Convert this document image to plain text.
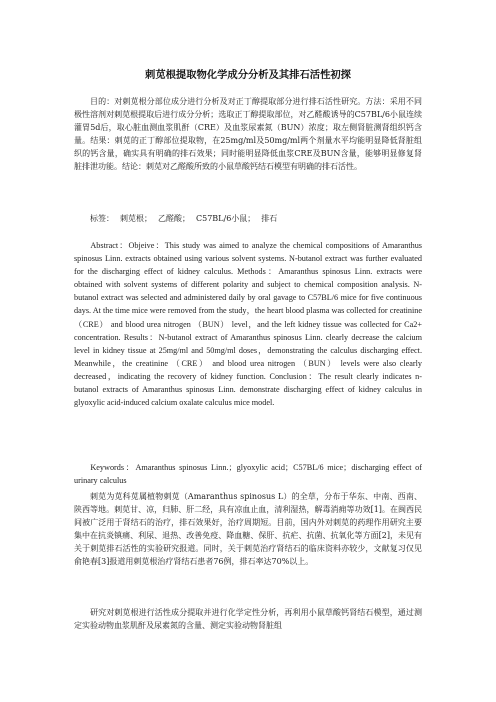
刺苋根提取物化学成分分析及其排石活性初探

目的：对刺苋根分部位成分进行分析及对正丁醇提取部分进行排石活性研究。方法：采用不同极性溶剂对刺苋根提取后进行成分分析；选取正丁醇提取部位，对乙醛酸诱导的C57BL/6小鼠连续灌胃5d后，取心脏血测血浆肌酐（CRE）及血浆尿素氮（BUN）浓度；取左侧肾脏测肾组织钙含量。结果：刺苋的正丁醇部位提取物，在25mg/ml及50mg/ml两个剂量水平均能明显降低肾脏组织的钙含量，确实具有明确的排石效果；同时能明显降低血浆CRE及BUN含量，能够明显修复肾脏排泄功能。结论：刺苋对乙醛酸所致的小鼠草酸钙结石模型有明确的排石活性。

标签： 刺苋根； 乙醛酸； C57BL/6小鼠； 排石

Abstract：Objeive：This study was aimed to analyze the chemical compositions of Amaranthus spinosus Linn. extracts obtained using various solvent systems. N-butanol extract was further evaluated for the discharging effect of kidney calculus. Methods：Amaranthus spinosus Linn. extracts were obtained with solvent systems of different polarity and subject to chemical composition analysis. N-butanol extract was selected and administered daily by oral gavage to C57BL/6 mice for five continuous days. At the time mice were removed from the study，the heart blood plasma was collected for creatinine （CRE） and blood urea nitrogen （BUN） level，and the left kidney tissue was collected for Ca2+ concentration. Results：N-butanol extract of Amaranthus spinosus Linn. clearly decrease the calcium level in kidney tissue at 25mg/ml and 50mg/ml doses，demonstrating the calculus discharging effect. Meanwhile，the creatinine （CRE） and blood urea nitrogen （BUN） levels were also clearly decreased，indicating the recovery of kidney function. Conclusion：The result clearly indicates n-butanol extracts of Amaranthus spinosus Linn. demonstrate discharging effect of kidney calculus in glyoxylic acid-induced calcium oxalate calculus mice model.

Keywords：Amaranthus spinosus Linn.；glyoxylic acid；C57BL/6 mice；discharging effect of urinary calculus

刺苋为苋科苋属植物刺苋（Amaranthus spinosus L）的全草，分布于华东、中南、西南、陕西等地。刺苋甘、凉，归肺、肝二经，具有凉血止血，清利湿热，解毒消痈等功效[1]。在闽西民间被广泛用于肾结石的治疗，排石效果好，治疗周期短。目前，国内外对刺苋的药理作用研究主要集中在抗炎镇痛、利尿、退热、改善免疫、降血糖、保肝、抗疟、抗菌、抗氧化等方面[2]，未见有关于刺苋排石活性的实验研究报道。同时，关于刺苋治疗肾结石的临床资料亦较少，文献复习仅见俞艳春[3]报道用刺苋根治疗肾结石患者76例，排石率达70%以上。

研究对刺苋根进行活性成分提取并进行化学定性分析，再利用小鼠草酸钙肾结石模型，通过测定实验动物血浆肌酐及尿素氮的含量、测定实验动物肾脏组
